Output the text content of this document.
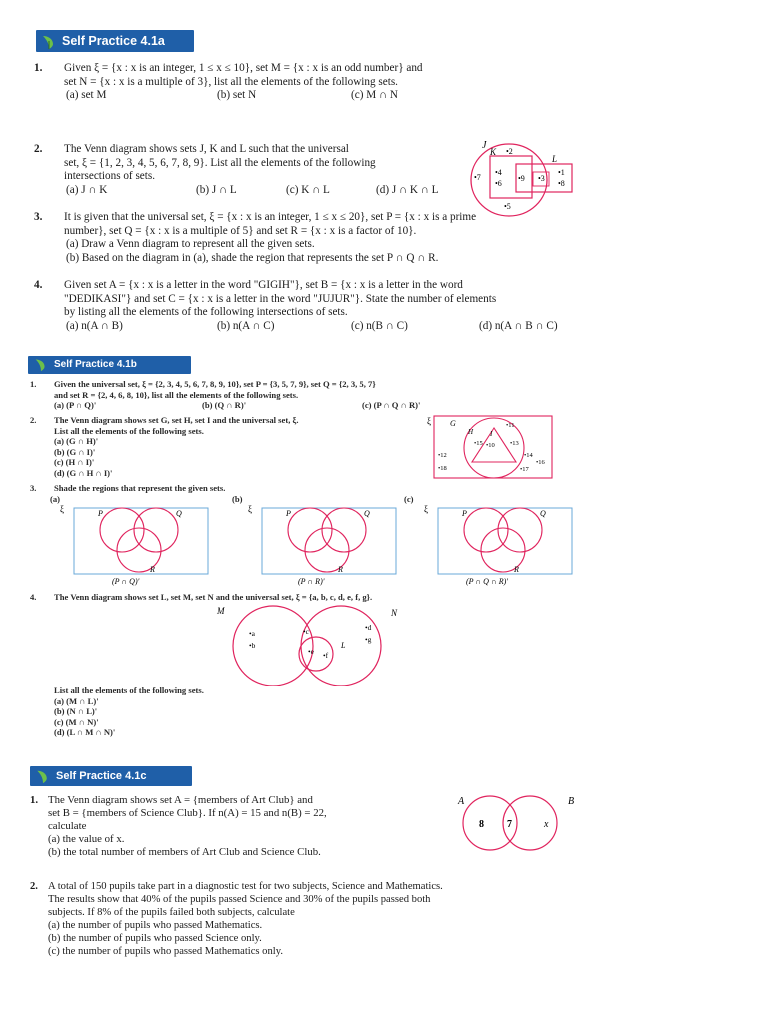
Self Practice 4.1a
1. Given ξ = {x : x is an integer, 1 ≤ x ≤ 10}, set M = {x : x is an odd number} and

set N = {x : x is a multiple of 3}, list all the elements of the following sets.

(a) set M	(b) set N	(c) M ∩ N
2. The Venn diagram shows sets J, K and L such that the universal

set, ξ = {1, 2, 3, 4, 5, 6, 7, 8, 9}. List all the elements of the following

intersections of sets.

(a) J ∩ K	(b) J ∩ L	(c) K ∩ L	(d) J ∩ K ∩ L
J
K
L
•2
•7
•4
•6
•9 •3
•1
•8
•5
3. It is given that the universal set, ξ = {x : x is an integer, 1 ≤ x ≤ 20}, set P = {x : x is a prime

number}, set Q = {x : x is a multiple of 5} and set R = {x : x is a factor of 10}.

(a) Draw a Venn diagram to represent all the given sets.

(b) Based on the diagram in (a), shade the region that represents the set P ∩ Q ∩ R.

4. Given set A = {x : x is a letter in the word "GIGIH"}, set B = {x : x is a letter in the word

"DEDIKASI"} and set C = {x : x is a letter in the word "JUJUR"}. State the number of elements

by listing all the elements of the following intersections of sets.

(a) n(A ∩ B)	(b) n(A ∩ C)	(c) n(B ∩ C)	(d) n(A ∩ B ∩ C)
Self Practice 4.1b
1. Given the universal set, ξ = {2, 3, 4, 5, 6, 7, 8, 9, 10}, set P = {3, 5, 7, 9}, set Q = {2, 3, 5, 7}

and set R = {2, 4, 6, 8, 10}, list all the elements of the following sets.

(a) (P ∩ Q)'	(b) (Q ∩ R)'	(c) (P ∩ Q ∩ R)'
2. The Venn diagram shows set G, set H, set I and the universal set, ξ.

List all the elements of the following sets.

(a) (G ∩ H)'

(b) (G ∩ I)'

(c) (H ∩ I)'

(d) (G ∩ H ∩ I)'

ξ G
H I
•11
•15 •10 •13
•12	•14
•16
•18	•17
3. Shade the regions that represent the given sets.

(a)
ξ	P	Q
R
(P ∩ Q)'
(b)
ξ	P	Q
R
(P ∩ R)'
(c)
ξ	P	Q
R
(P ∩ Q ∩ R)'
4. The Venn diagram shows set L, set M, set N and the universal set, ξ = {a, b, c, d, e, f, g}.

M	N
L
•a
•b
•c	•d
•g
•e •f

List all the elements of the following sets.

(a) (M ∩ L)'

(b) (N ∩ L)'

(c) (M ∩ N)'

(d) (L ∩ M ∩ N)'

Self Practice 4.1c
1. The Venn diagram shows set A = {members of Art Club} and

set B = {members of Science Club}. If n(A) = 15 and n(B) = 22,

calculate

(a) the value of x.

(b) the total number of members of Art Club and Science Club.

A	B
8 7	x
2. A total of 150 pupils take part in a diagnostic test for two subjects, Science and Mathematics.

The results show that 40% of the pupils passed Science and 30% of the pupils passed both

subjects. If 8% of the pupils failed both subjects, calculate

(a) the number of pupils who passed Mathematics.

(b) the number of pupils who passed Science only.

(c) the number of pupils who passed Mathematics only.
